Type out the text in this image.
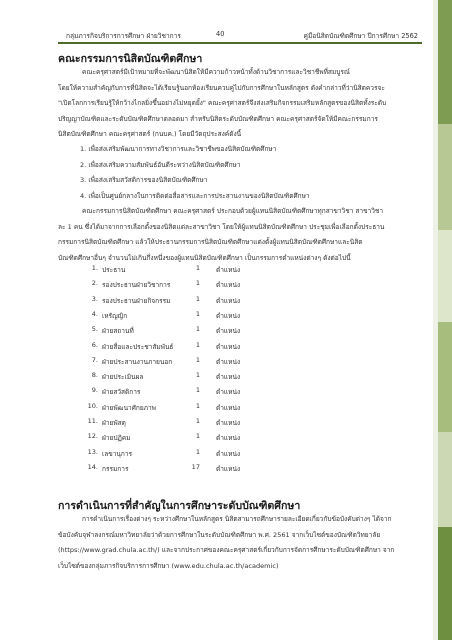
กลุ่มภารกิจบริการการศึกษา ฝ่ายวิชาการ	40	คู่มือนิสิตบัณฑิตศึกษา ปีการศึกษา 2562
คณะกรรมการนิสิตบัณฑิตศึกษา
คณะครุศาสตร์มีเป้าหมายที่จะพัฒนานิสิตให้มีความก้าวหน้าทั้งด้านวิชาการและวิชาชีพที่สมบูรณ์
โดยให้ความสำคัญกับการที่นิสิตจะได้เรียนรู้นอกห้องเรียนควบคู่ไปกับการศึกษาในหลักสูตร ดังคำกล่าวที่ว่านิสิตควรจะ
"เปิดโลกการเรียนรู้ให้กว้างไกลยิ่งขึ้นอย่างไม่หยุดยั้ง" คณะครุศาสตร์จึงส่งเสริมกิจกรรมเสริมหลักสูตรของนิสิตทั้งระดับ
ปริญญาบัณฑิตและระดับบัณฑิตศึกษาตลอดมา สำหรับนิสิตระดับบัณฑิตศึกษา คณะครุศาสตร์จัดให้มีคณะกรรมการ
นิสิตบัณฑิตศึกษา คณะครุศาสตร์ (กนบค.) โดยมีวัตถุประสงค์ดังนี้
1. เพื่อส่งเสริมพัฒนาการทางวิชาการและวิชาชีพของนิสิตบัณฑิตศึกษา
2. เพื่อส่งเสริมความสัมพันธ์อันดีระหว่างนิสิตบัณฑิตศึกษา
3. เพื่อส่งเสริมสวัสดิการของนิสิตบัณฑิตศึกษา
4. เพื่อเป็นศูนย์กลางในการติดต่อสื่อสารและการประสานงานของนิสิตบัณฑิตศึกษา
คณะกรรมการนิสิตบัณฑิตศึกษา คณะครุศาสตร์ ประกอบด้วยผู้แทนนิสิตบัณฑิตศึกษาทุกสาขาวิชา สาขาวิชา
ละ 1 คน ซึ่งได้มาจากการเลือกตั้งของนิสิตแต่ละสาขาวิชา โดยให้ผู้แทนนิสิตบัณฑิตศึกษา ประชุมเพื่อเลือกตั้งประธาน
กรรมการนิสิตบัณฑิตศึกษา แล้วให้ประธานกรรมการนิสิตบัณฑิตศึกษาแต่งตั้งผู้แทนนิสิตบัณฑิตศึกษาและนิสิต
บัณฑิตศึกษาอื่นๆ จำนวนไม่เกินกึ่งหนึ่งของผู้แทนนิสิตบัณฑิตศึกษา เป็นกรรมการตำแหน่งต่างๆ ดังต่อไปนี้
1. ประธาน	1 ตำแหน่ง
2. รองประธานฝ่ายวิชาการ	1 ตำแหน่ง
3. รองประธานฝ่ายกิจกรรม	1 ตำแหน่ง
4. เหรัญญิก	1 ตำแหน่ง
5. ฝ่ายสถานที่	1 ตำแหน่ง
6. ฝ่ายสื่อและประชาสัมพันธ์	1 ตำแหน่ง
7. ฝ่ายประสานงานภายนอก	1 ตำแหน่ง
8. ฝ่ายประเมินผล	1 ตำแหน่ง
9. ฝ่ายสวัสดิการ	1 ตำแหน่ง
10. ฝ่ายพัฒนาศักยภาพ	1 ตำแหน่ง
11. ฝ่ายพัสดุ	1 ตำแหน่ง
12. ฝ่ายปฏิคม	1 ตำแหน่ง
13. เลขานุการ	1 ตำแหน่ง
14. กรรมการ	17 ตำแหน่ง
การดำเนินการที่สำคัญในการศึกษาระดับบัณฑิตศึกษา
การดำเนินการเรื่องต่างๆ ระหว่างศึกษาในหลักสูตร นิสิตสามารถศึกษารายละเอียดเกี่ยวกับข้อบังคับต่างๆ ได้จาก
ข้อบังคับจุฬาลงกรณ์มหาวิทยาลัยว่าด้วยการศึกษาในระดับบัณฑิตศึกษา พ.ศ. 2561 จากเว็บไซต์ของบัณฑิตวิทยาลัย
(https://www.grad.chula.ac.th/) และจากประกาศของคณะครุศาสตร์เกี่ยวกับการจัดการศึกษาระดับบัณฑิตศึกษา จาก
เว็บไซต์ของกลุ่มภารกิจบริการการศึกษา (www.edu.chula.ac.th/academic)
